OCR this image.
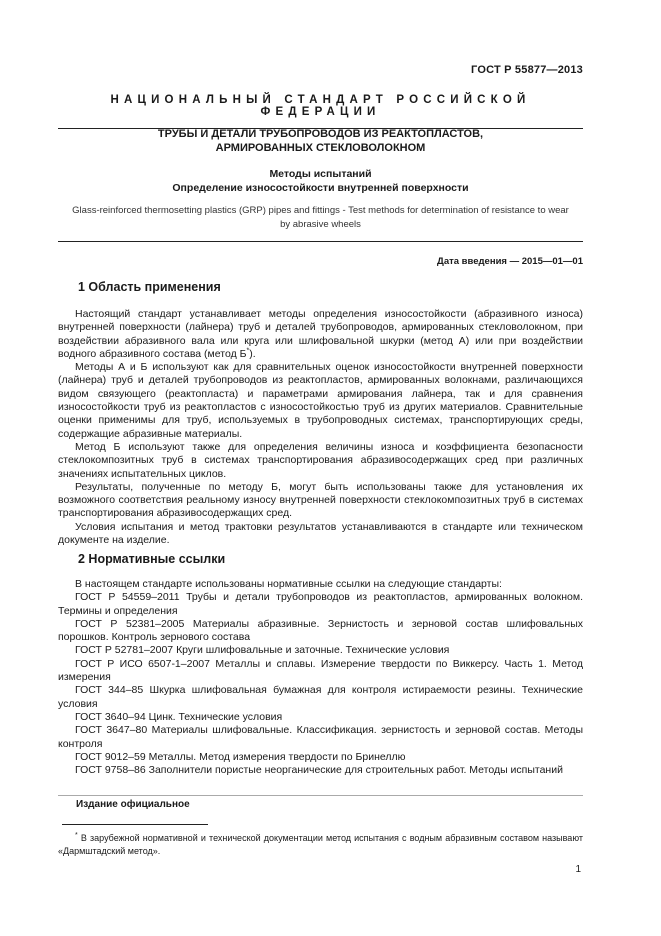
ГОСТ Р 55877—2013
НАЦИОНАЛЬНЫЙ СТАНДАРТ РОССИЙСКОЙ ФЕДЕРАЦИИ
ТРУБЫ И ДЕТАЛИ ТРУБОПРОВОДОВ ИЗ РЕАКТОПЛАСТОВ,
АРМИРОВАННЫХ СТЕКЛОВОЛОКНОМ
Методы испытаний
Определение износостойкости внутренней поверхности
Glass-reinforced thermosetting plastics (GRP) pipes and fittings - Test methods for determination of resistance to wear
by abrasive wheels
Дата введения — 2015—01—01
1 Область применения

Настоящий стандарт устанавливает методы определения износостойкости (абразивного износа) внутренней поверхности (лайнера) труб и деталей трубопроводов, армированных стекловолокном, при воздействии абразивного вала или круга или шлифовальной шкурки (метод А) или при воздействии водного абразивного состава (метод Б*).

Методы А и Б используют как для сравнительных оценок износостойкости внутренней поверхности (лайнера) труб и деталей трубопроводов из реактопластов, армированных волокнами, различающихся видом связующего (реактопласта) и параметрами армирования лайнера, так и для сравнения износостойкости труб из реактопластов с износостойкостью труб из других материалов. Сравнительные оценки применимы для труб, используемых в трубопроводных системах, транспортирующих среды, содержащие абразивные материалы.

Метод Б используют также для определения величины износа и коэффициента безопасности стеклокомпозитных труб в системах транспортирования абразивосодержащих сред при различных значениях испытательных циклов.

Результаты, полученные по методу Б, могут быть использованы также для установления их возможного соответствия реальному износу внутренней поверхности стеклокомпозитных труб в системах транспортирования абразивосодержащих сред.

Условия испытания и метод трактовки результатов устанавливаются в стандарте или техническом документе на изделие.

2 Нормативные ссылки

В настоящем стандарте использованы нормативные ссылки на следующие стандарты:

ГОСТ Р 54559–2011 Трубы и детали трубопроводов из реактопластов, армированных волокном. Термины и определения

ГОСТ Р 52381–2005 Материалы абразивные. Зернистость и зерновой состав шлифовальных порошков. Контроль зернового состава

ГОСТ Р 52781–2007 Круги шлифовальные и заточные. Технические условия

ГОСТ Р ИСО 6507-1–2007 Металлы и сплавы. Измерение твердости по Виккерсу. Часть 1. Метод измерения

ГОСТ 344–85 Шкурка шлифовальная бумажная для контроля истираемости резины. Технические условия

ГОСТ 3640–94 Цинк. Технические условия

ГОСТ 3647–80 Материалы шлифовальные. Классификация. зернистость и зерновой состав. Методы контроля

ГОСТ 9012–59 Металлы. Метод измерения твердости по Бринеллю

ГОСТ 9758–86 Заполнители пористые неорганические для строительных работ. Методы испытаний

Издание официальное
* В зарубежной нормативной и технической документации метод испытания с водным абразивным составом называют «Дармштадский метод».
1
